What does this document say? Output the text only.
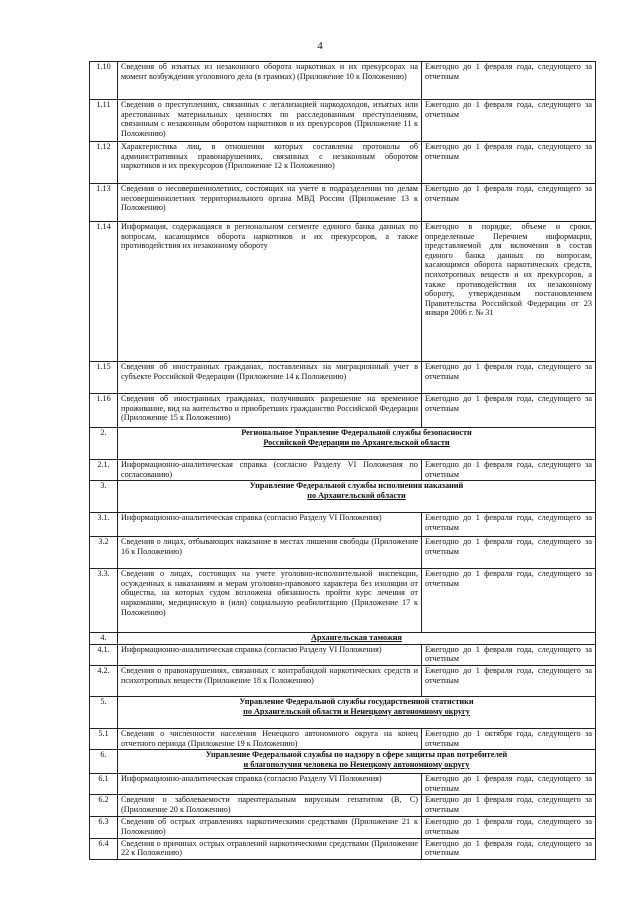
4
1.10	Сведения об изъятых из незаконного оборота наркотиках и их прекурсорах на момент возбуждения уголовного дела (в граммах) (Приложение 10 к Положению)	Ежегодно до 1 февраля года, следующего за отчетным
1.11	Сведения о преступлениях, связанных с легализацией наркодоходов, изъятых или арестованных материальных ценностях по расследованным преступлениям, связанным с незаконным оборотом наркотиков и их прекурсоров (Приложение 11 к Положению)	Ежегодно до 1 февраля года, следующего за отчетным
1.12	Характеристика лиц, в отношении которых составлены протоколы об административных правонарушениях, связанных с незаконным оборотом наркотиков и их прекурсоров (Приложение 12 к Положению)	Ежегодно до 1 февраля года, следующего за отчетным
1.13	Сведения о несовершеннолетних, состоящих на учете в подразделении по делам несовершеннолетних территориального органа МВД России (Приложение 13 к Положению)	Ежегодно до 1 февраля года, следующего за отчетным
1.14	Информация, содержащаяся в региональном сегменте единого банка данных по вопросам, касающимся оборота наркотиков и их прекурсоров, а также противодействия их незаконному обороту	Ежегодно в порядке, объеме и сроки, определенные Перечнем информации, представляемой для включения в состав единого банка данных по вопросам, касающимся оборота наркотических средств, психотропных веществ и их прекурсоров, а также противодействия их незаконному обороту, утвержденным постановлением Правительства Российской Федерации от 23 января 2006 г. № 31
1.15	Сведения об иностранных гражданах, поставленных на миграционный учет в субъекте Российской Федерации (Приложение 14 к Положению)	Ежегодно до 1 февраля года, следующего за отчетным
1.16	Сведения об иностранных гражданах, получивших разрешение на временное проживание, вид на жительство и приобретших гражданство Российской Федерации (Приложение 15 к Положению)	Ежегодно до 1 февраля года, следующего за отчетным
2.	Региональное Управление Федеральной службы безопасности
Российской Федерации по Архангельской области	

2.1.	Информационно-аналитическая справка (согласно Разделу VI Положения по согласованию)	Ежегодно до 1 февраля года, следующего за отчетным
3.	Управление Федеральной службы исполнения наказаний
по Архангельской области	

3.1.	Информационно-аналитическая справка (согласно Разделу VI Положения)	Ежегодно до 1 февраля года, следующего за отчетным
3.2	Сведения о лицах, отбывающих наказание в местах лишения свободы (Приложение 16 к Положению)	Ежегодно до 1 февраля года, следующего за отчетным
3.3.	Сведения о лицах, состоящих на учете уголовно-исполнительной инспекции, осужденных к наказаниям и мерам уголовно-правового характера без изоляции от общества, на которых судом возложена обязанность пройти курс лечения от наркомании, медицинскую и (или) социальную реабилитацию (Приложение 17 к Положению)	Ежегодно до 1 февраля года, следующего за отчетным
4.	Архангельская таможня	

4.1.	Информационно-аналитическая справка (согласно Разделу VI Положения)	Ежегодно до 1 февраля года, следующего за отчетным
4.2.	Сведения о правонарушениях, связанных с контрабандой наркотических средств и психотропных веществ (Приложение 18 к Положению)	Ежегодно до 1 февраля года, следующего за отчетным
5.	Управление Федеральной службы государственной статистики
по Архангельской области и Ненецкому автономному округу	

5.1	Сведения о численности населения Ненецкого автономного округа на конец отчетного периода (Приложение 19 к Положению)	Ежегодно до 1 октября года, следующего за отчетным
6.	Управление Федеральной службы по надзору в сфере защиты прав потребителей
и благополучия человека по Ненецкому автономному округу	

6.1	Информационно-аналитическая справка (согласно Разделу VI Положения)	Ежегодно до 1 февраля года, следующего за отчетным
6.2	Сведения о заболеваемости парентеральным вирусным гепатитом (B, C) (Приложение 20 к Положению)	Ежегодно до 1 февраля года, следующего за отчетным
6.3	Сведения об острых отравлениях наркотическими средствами (Приложение 21 к Положению)	Ежегодно до 1 февраля года, следующего за отчетным
6.4	Сведения о причинах острых отравлений наркотическими средствами (Приложение 22 к Положению)	Ежегодно до 1 февраля года, следующего за отчетным
